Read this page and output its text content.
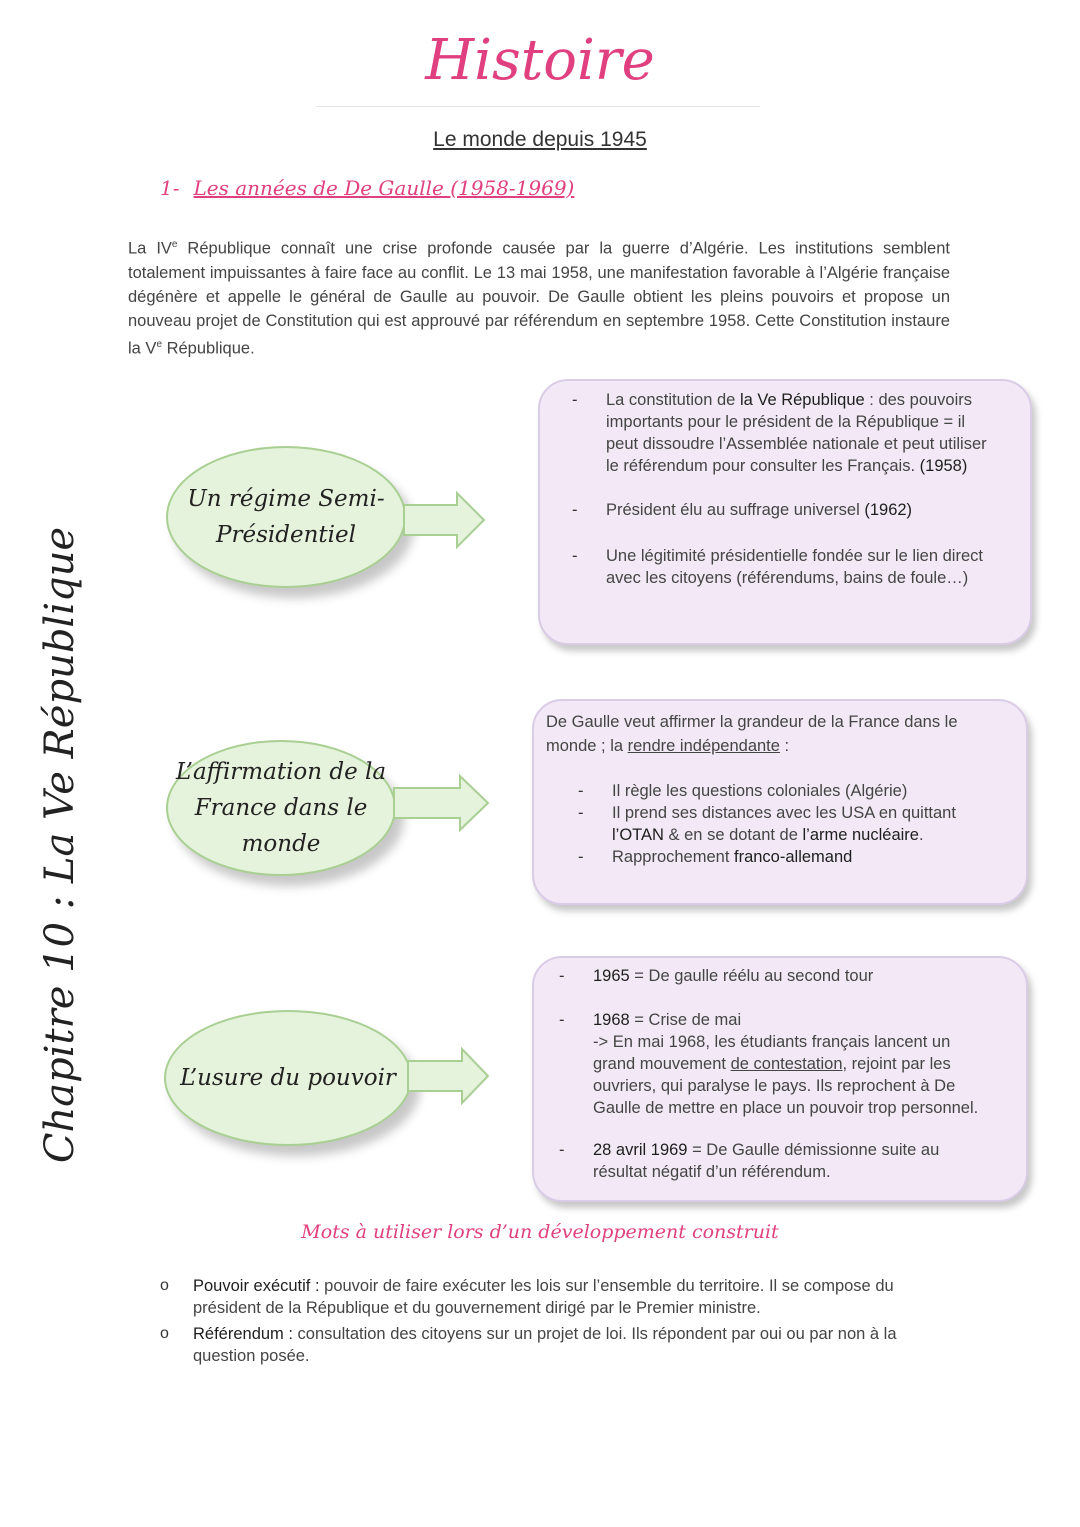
Histoire
Le monde depuis 1945
1- Les années de De Gaulle (1958-1969)
La IVe République connaît une crise profonde causée par la guerre d’Algérie. Les institutions semblent totalement impuissantes à faire face au conflit. Le 13 mai 1958, une manifestation favorable à l’Algérie française dégénère et appelle le général de Gaulle au pouvoir. De Gaulle obtient les pleins pouvoirs et propose un nouveau projet de Constitution qui est approuvé par référendum en septembre 1958. Cette Constitution instaure la Ve République.
Chapitre 10 : La Ve République
Un régime Semi-
Présidentiel
- La constitution de la Ve République : des pouvoirs importants pour le président de la République = il peut dissoudre l’Assemblée nationale et peut utiliser le référendum pour consulter les Français. (1958)
- Président élu au suffrage universel (1962)
- Une légitimité présidentielle fondée sur le lien direct avec les citoyens (référendums, bains de foule…)
L’affirmation de la
France dans le monde
De Gaulle veut affirmer la grandeur de la France dans le monde ; la rendre indépendante :
- Il règle les questions coloniales (Algérie)
- Il prend ses distances avec les USA en quittant l’OTAN & en se dotant de l’arme nucléaire.
- Rapprochement franco-allemand
L’usure du pouvoir
- 1965 = De gaulle réélu au second tour
- 1968 = Crise de mai
-> En mai 1968, les étudiants français lancent un grand mouvement de contestation, rejoint par les ouvriers, qui paralyse le pays. Ils reprochent à De Gaulle de mettre en place un pouvoir trop personnel.
- 28 avril 1969 = De Gaulle démissionne suite au résultat négatif d’un référendum.
Mots à utiliser lors d’un développement construit
o Pouvoir exécutif : pouvoir de faire exécuter les lois sur l’ensemble du territoire. Il se compose du président de la République et du gouvernement dirigé par le Premier ministre.
o Référendum : consultation des citoyens sur un projet de loi. Ils répondent par oui ou par non à la question posée.
